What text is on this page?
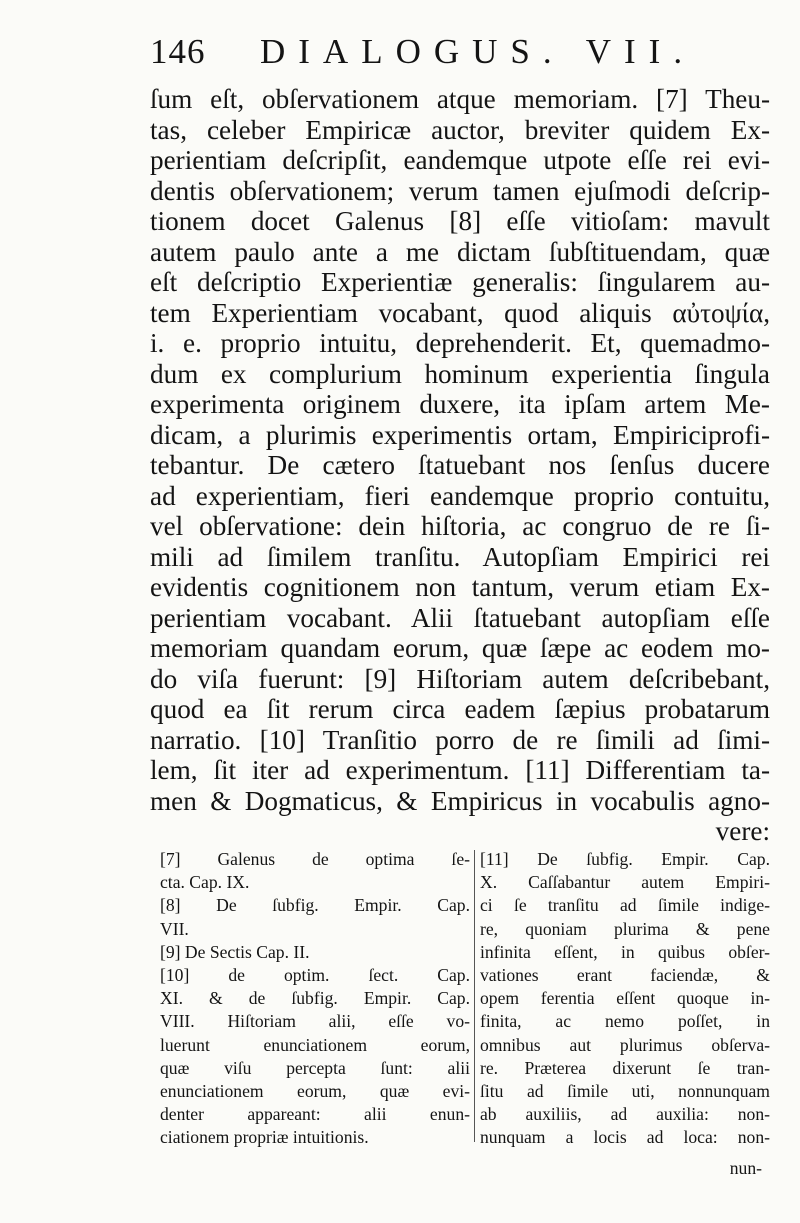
146	DIALOGUS. VII.
ſum eſt, obſervationem atque memoriam. [7] Theu-
tas, celeber Empiricæ auctor, breviter quidem Ex-
perientiam deſcripſit, eandemque utpote eſſe rei evi-
dentis obſervationem; verum tamen ejuſmodi deſcrip-
tionem docet Galenus [8] eſſe vitioſam: mavult
autem paulo ante a me dictam ſubſtituendam, quæ
eſt deſcriptio Experientiæ generalis: ſingularem au-
tem Experientiam vocabant, quod aliquis αὐτοψία,
i. e. proprio intuitu, deprehenderit. Et, quemadmo-
dum ex complurium hominum experientia ſingula
experimenta originem duxere, ita ipſam artem Me-
dicam, a plurimis experimentis ortam, Empiriciprofi-
tebantur. De cætero ſtatuebant nos ſenſus ducere
ad experientiam, fieri eandemque proprio contuitu,
vel obſervatione: dein hiſtoria, ac congruo de re ſi-
mili ad ſimilem tranſitu. Autopſiam Empirici rei
evidentis cognitionem non tantum, verum etiam Ex-
perientiam vocabant. Alii ſtatuebant autopſiam eſſe
memoriam quandam eorum, quæ ſæpe ac eodem mo-
do viſa fuerunt: [9] Hiſtoriam autem deſcribebant,
quod ea ſit rerum circa eadem ſæpius probatarum
narratio. [10] Tranſitio porro de re ſimili ad ſimi-
lem, ſit iter ad experimentum. [11] Differentiam ta-
men & Dogmaticus, & Empiricus in vocabulis agno-
vere:
[7] Galenus de optima ſe-
cta. Cap. IX.
[8] De ſubfig. Empir. Cap.
VII.
[9] De Sectis Cap. II.
[10] de optim. ſect. Cap.
XI. & de ſubfig. Empir. Cap.
VIII. Hiſtoriam alii, eſſe vo-
luerunt enunciationem eorum,
quæ viſu percepta ſunt: alii
enunciationem eorum, quæ evi-
denter appareant: alii enun-
ciationem propriæ intuitionis.
[11] De ſubfig. Empir. Cap.
X. Caſſabantur autem Empiri-
ci ſe tranſitu ad ſimile indige-
re, quoniam plurima & pene
infinita eſſent, in quibus obſer-
vationes erant faciendæ, &
opem ferentia eſſent quoque in-
finita, ac nemo poſſet, in
omnibus aut plurimus obſerva-
re. Præterea dixerunt ſe tran-
ſitu ad ſimile uti, nonnunquam
ab auxiliis, ad auxilia: non-
nunquam a locis ad loca: non-
nun-
